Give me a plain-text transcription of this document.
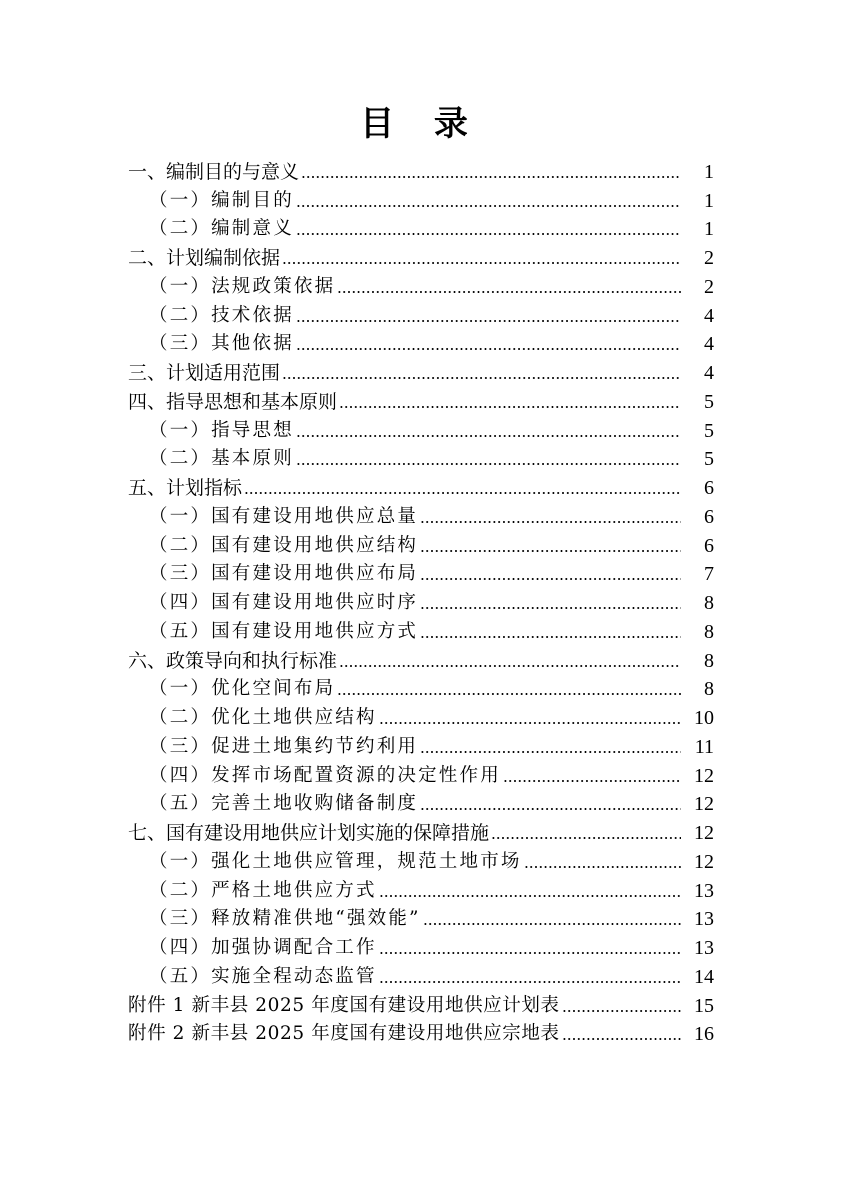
目 录
一、编制目的与意义	1
（一）编制目的	1
（二）编制意义	1
二、计划编制依据	2
（一）法规政策依据	2
（二）技术依据	4
（三）其他依据	4
三、计划适用范围	4
四、指导思想和基本原则	5
（一）指导思想	5
（二）基本原则	5
五、计划指标	6
（一）国有建设用地供应总量	6
（二）国有建设用地供应结构	6
（三）国有建设用地供应布局	7
（四）国有建设用地供应时序	8
（五）国有建设用地供应方式	8
六、政策导向和执行标准	8
（一）优化空间布局	8
（二）优化土地供应结构	10
（三）促进土地集约节约利用	11
（四）发挥市场配置资源的决定性作用	12
（五）完善土地收购储备制度	12
七、国有建设用地供应计划实施的保障措施	12
（一）强化土地供应管理，规范土地市场	12
（二）严格土地供应方式	13
（三）释放精准供地“强效能”	13
（四）加强协调配合工作	13
（五）实施全程动态监管	14
附件 1 新丰县 2025 年度国有建设用地供应计划表	15
附件 2 新丰县 2025 年度国有建设用地供应宗地表	16
